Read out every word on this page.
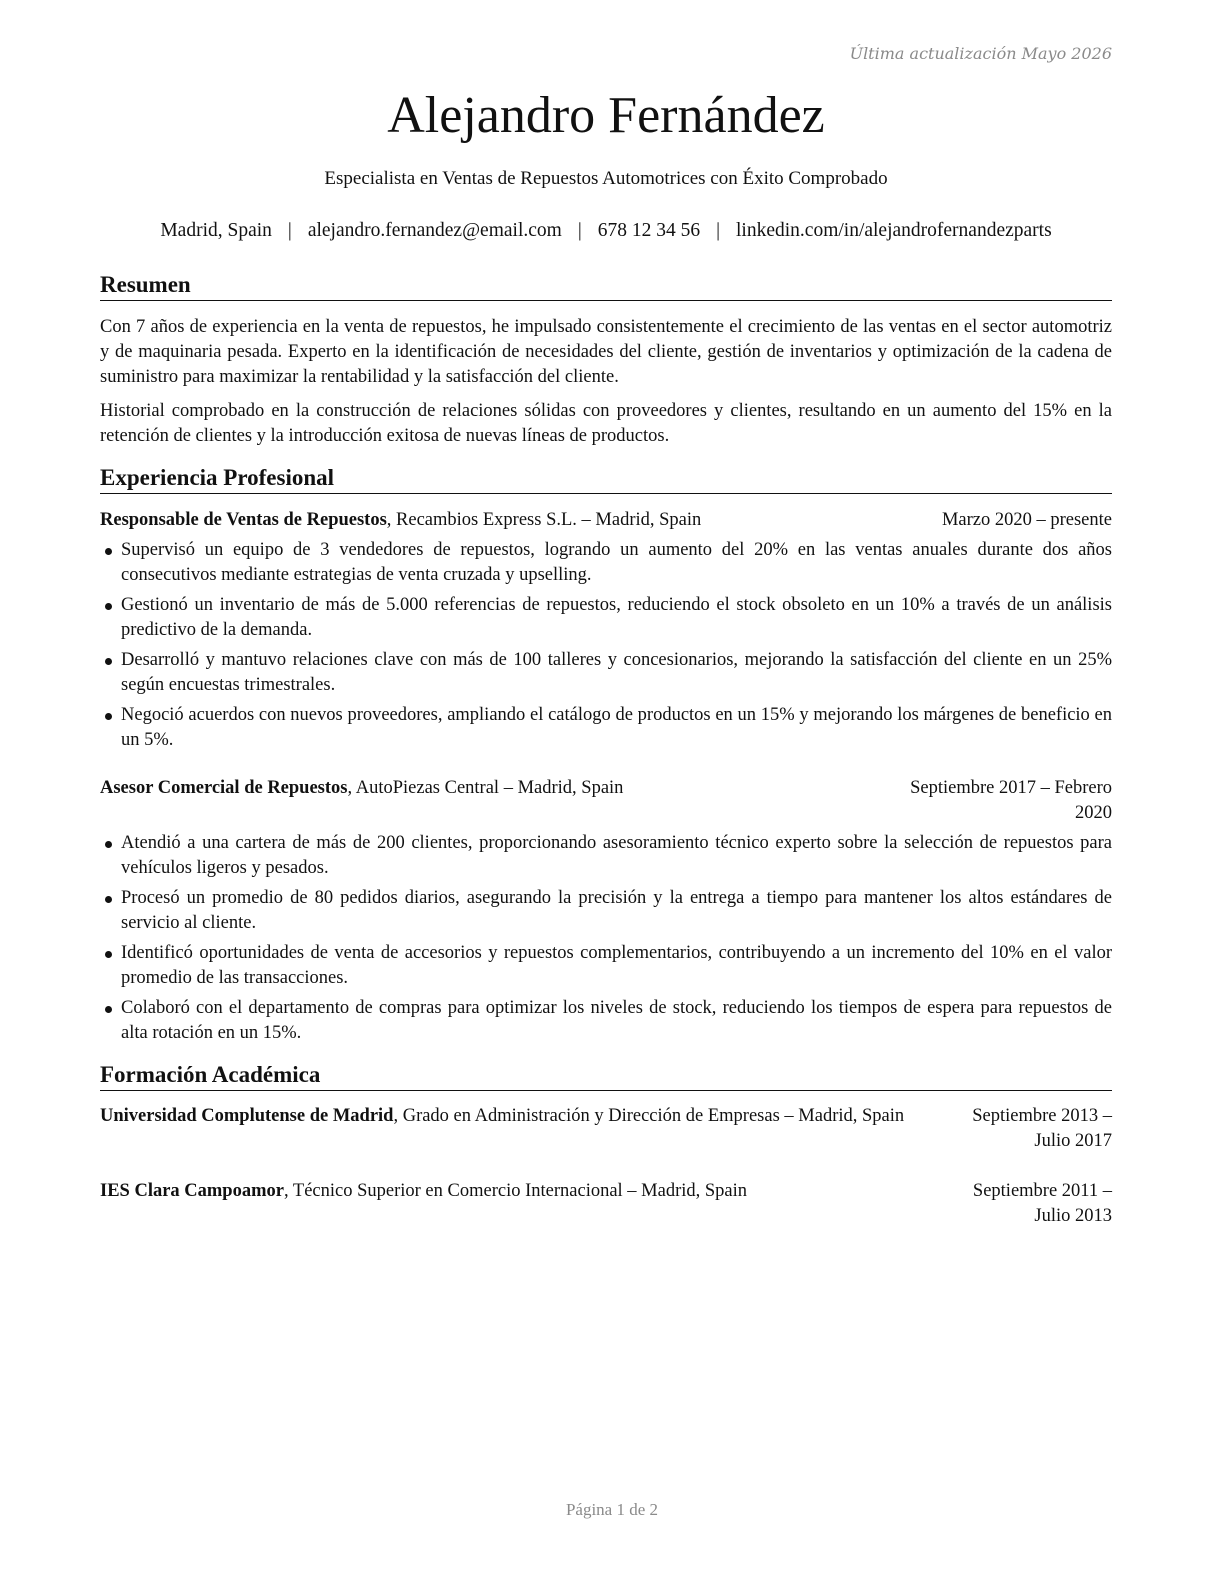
Última actualización Mayo 2026
Alejandro Fernández
Especialista en Ventas de Repuestos Automotrices con Éxito Comprobado
Madrid, Spain | alejandro.fernandez@email.com | 678 12 34 56 | linkedin.com/in/alejandrofernandezparts
Resumen

Con 7 años de experiencia en la venta de repuestos, he impulsado consistentemente el crecimiento de las ventas en el sector automotriz y de maquinaria pesada. Experto en la identificación de necesidades del cliente, gestión de inventarios y optimización de la cadena de suministro para maximizar la rentabilidad y la satisfacción del cliente.

Historial comprobado en la construcción de relaciones sólidas con proveedores y clientes, resultando en un aumento del 15% en la retención de clientes y la introducción exitosa de nuevas líneas de productos.

Experiencia Profesional
Responsable de Ventas de Repuestos, Recambios Express S.L. – Madrid, Spain	Marzo 2020 – presente
Supervisó un equipo de 3 vendedores de repuestos, logrando un aumento del 20% en las ventas anuales durante dos años consecutivos mediante estrategias de venta cruzada y upselling.
Gestionó un inventario de más de 5.000 referencias de repuestos, reduciendo el stock obsoleto en un 10% a través de un análisis predictivo de la demanda.
Desarrolló y mantuvo relaciones clave con más de 100 talleres y concesionarios, mejorando la satisfacción del cliente en un 25% según encuestas trimestrales.
Negoció acuerdos con nuevos proveedores, ampliando el catálogo de productos en un 15% y mejorando los márgenes de beneficio en un 5%.
Asesor Comercial de Repuestos, AutoPiezas Central – Madrid, Spain	Septiembre 2017 – Febrero 2020
Atendió a una cartera de más de 200 clientes, proporcionando asesoramiento técnico experto sobre la selección de repuestos para vehículos ligeros y pesados.
Procesó un promedio de 80 pedidos diarios, asegurando la precisión y la entrega a tiempo para mantener los altos estándares de servicio al cliente.
Identificó oportunidades de venta de accesorios y repuestos complementarios, contribuyendo a un incremento del 10% en el valor promedio de las transacciones.
Colaboró con el departamento de compras para optimizar los niveles de stock, reduciendo los tiempos de espera para repuestos de alta rotación en un 15%.
Formación Académica
Universidad Complutense de Madrid, Grado en Administración y Dirección de Empresas – Madrid, Spain	Septiembre 2013 – Julio 2017
IES Clara Campoamor, Técnico Superior en Comercio Internacional – Madrid, Spain	Septiembre 2011 – Julio 2013
Página 1 de 2
